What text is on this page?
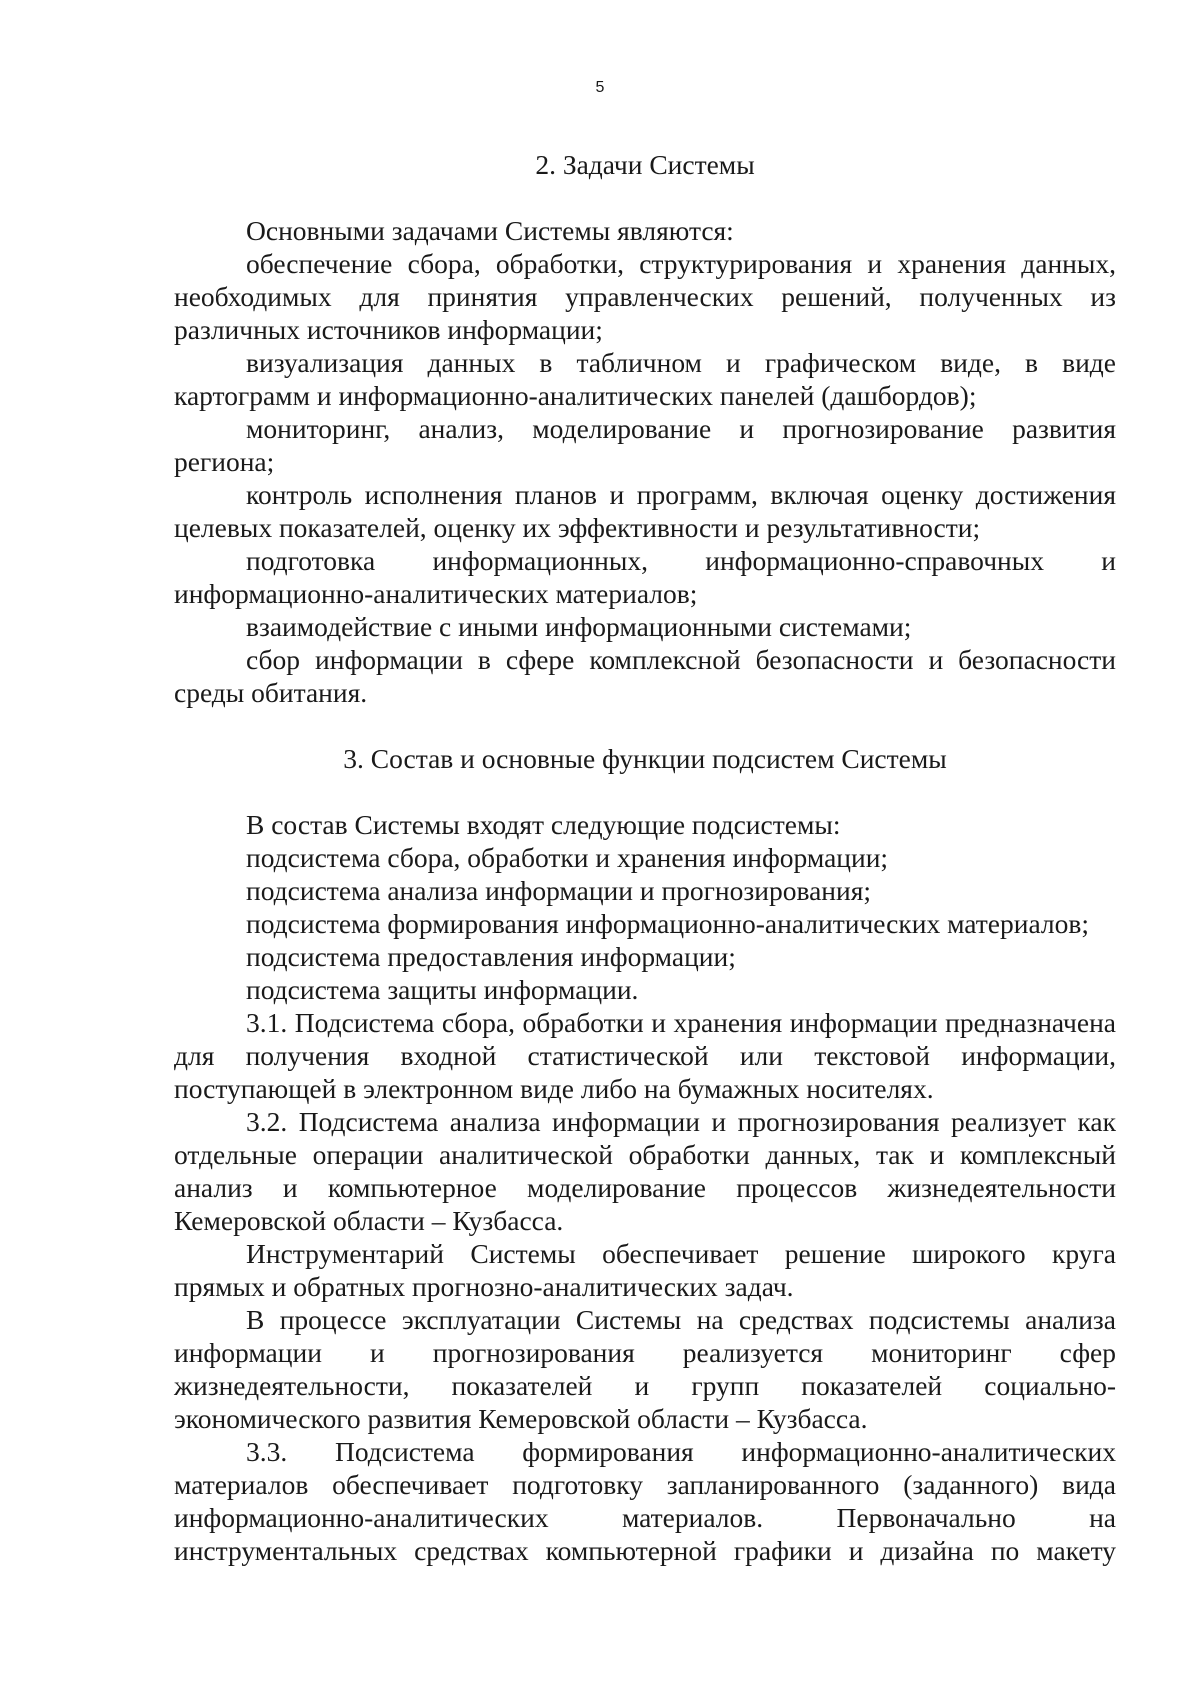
5

2. Задачи Системы

Основными задачами Системы являются:

обеспечение сбора, обработки, структурирования и хранения данных, необходимых для принятия управленческих решений, полученных из различных источников информации;

визуализация данных в табличном и графическом виде, в виде картограмм и информационно-аналитических панелей (дашбордов);

мониторинг, анализ, моделирование и прогнозирование развития региона;

контроль исполнения планов и программ, включая оценку достижения целевых показателей, оценку их эффективности и результативности;

подготовка информационных, информационно-справочных и информационно-аналитических материалов;

взаимодействие с иными информационными системами;

сбор информации в сфере комплексной безопасности и безопасности среды обитания.

3. Состав и основные функции подсистем Системы

В состав Системы входят следующие подсистемы:

подсистема сбора, обработки и хранения информации;

подсистема анализа информации и прогнозирования;

подсистема формирования информационно-аналитических материалов;

подсистема предоставления информации;

подсистема защиты информации.

3.1. Подсистема сбора, обработки и хранения информации предназначена для получения входной статистической или текстовой информации, поступающей в электронном виде либо на бумажных носителях.

3.2. Подсистема анализа информации и прогнозирования реализует как отдельные операции аналитической обработки данных, так и комплексный анализ и компьютерное моделирование процессов жизнедеятельности Кемеровской области – Кузбасса.

Инструментарий Системы обеспечивает решение широкого круга прямых и обратных прогнозно-аналитических задач.

В процессе эксплуатации Системы на средствах подсистемы анализа информации и прогнозирования реализуется мониторинг сфер жизнедеятельности, показателей и групп показателей социально-экономического развития Кемеровской области – Кузбасса.

3.3. Подсистема формирования информационно-аналитических материалов обеспечивает подготовку запланированного (заданного) вида информационно-аналитических материалов. Первоначально на инструментальных средствах компьютерной графики и дизайна по макету
